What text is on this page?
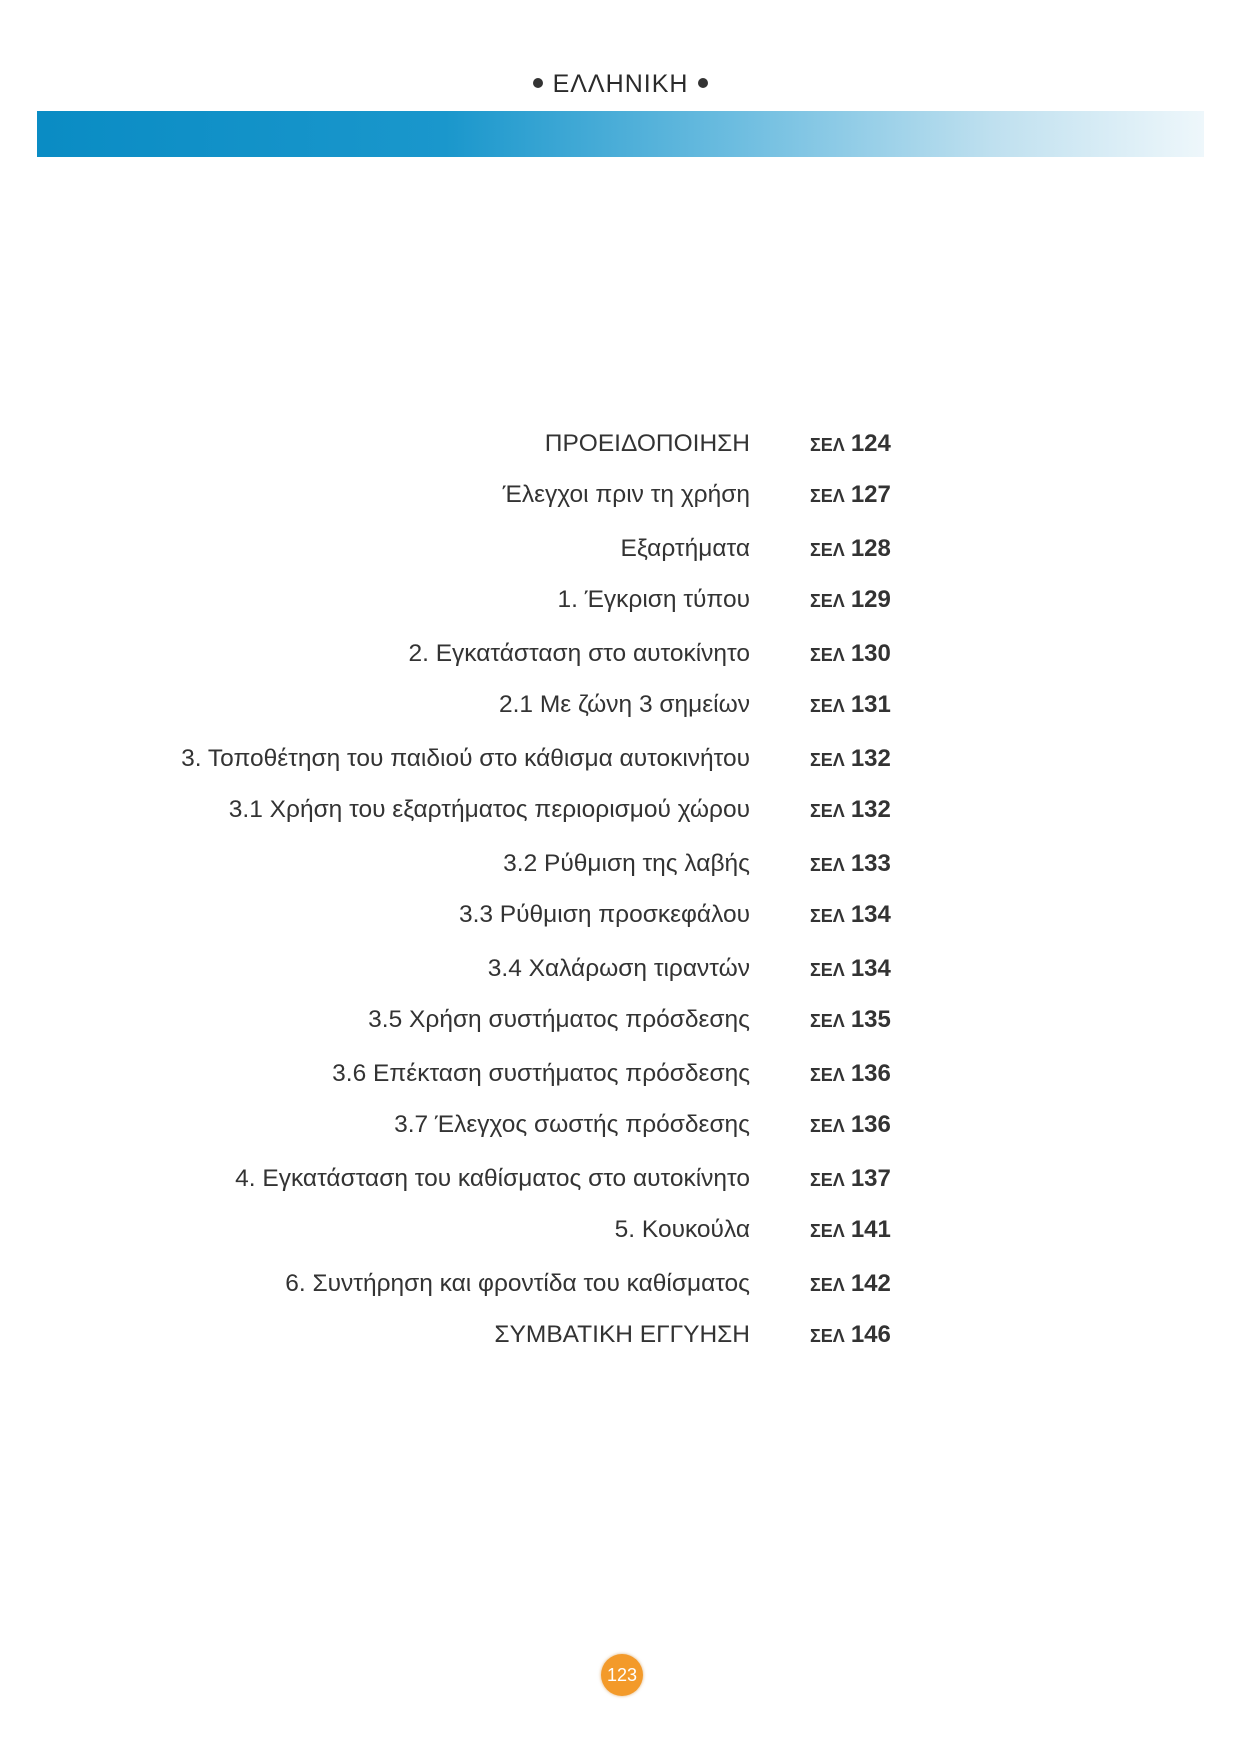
ΕΛΛΗΝΙΚΗ
ΠΡΟΕΙΔΟΠΟΙΗΣΗ	ΣΕΛ 124
Έλεγχοι πριν τη χρήση	ΣΕΛ 127
Εξαρτήματα	ΣΕΛ 128
1. Έγκριση τύπου	ΣΕΛ 129
2. Εγκατάσταση στο αυτοκίνητο	ΣΕΛ 130
2.1 Με ζώνη 3 σημείων	ΣΕΛ 131
3. Τοποθέτηση του παιδιού στο κάθισμα αυτοκινήτου	ΣΕΛ 132
3.1 Χρήση του εξαρτήματος περιορισμού χώρου	ΣΕΛ 132
3.2 Ρύθμιση της λαβής	ΣΕΛ 133
3.3 Ρύθμιση προσκεφάλου	ΣΕΛ 134
3.4 Χαλάρωση τιραντών	ΣΕΛ 134
3.5 Χρήση συστήματος πρόσδεσης	ΣΕΛ 135
3.6 Επέκταση συστήματος πρόσδεσης	ΣΕΛ 136
3.7 Έλεγχος σωστής πρόσδεσης	ΣΕΛ 136
4. Εγκατάσταση του καθίσματος στο αυτοκίνητο	ΣΕΛ 137
5. Κουκούλα	ΣΕΛ 141
6. Συντήρηση και φροντίδα του καθίσματος	ΣΕΛ 142
ΣΥΜΒΑΤΙΚΗ ΕΓΓΥΗΣΗ	ΣΕΛ 146
123
